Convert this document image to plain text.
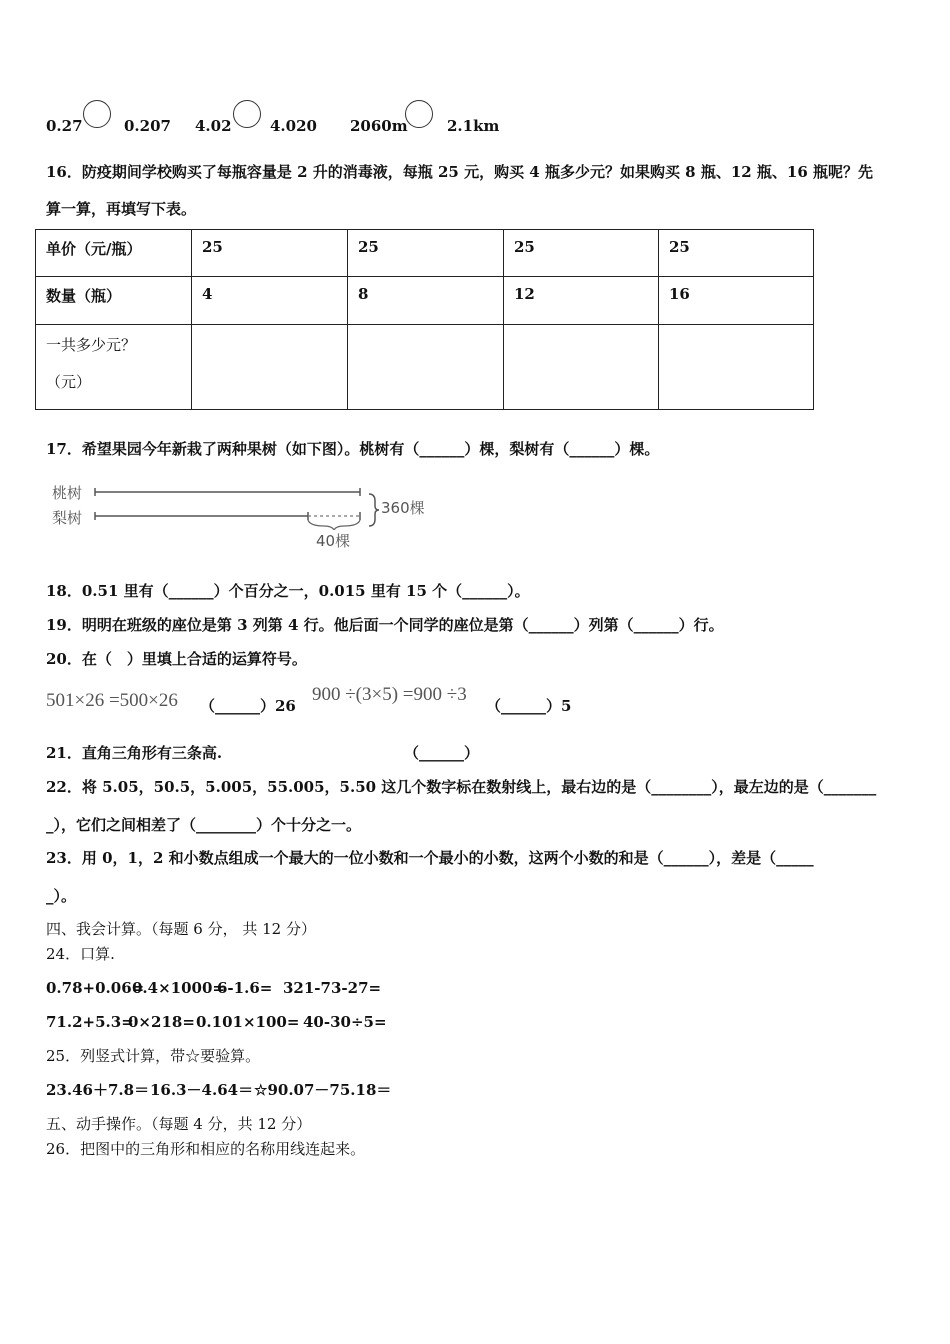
0.27	0.207 4.02	4.020 2060m	2.1km
16．防疫期间学校购买了每瓶容量是 2 升的消毒液，每瓶 25 元，购买 4 瓶多少元？如果购买 8 瓶、12 瓶、16 瓶呢？先
算一算，再填写下表。
单价（元/瓶）	25	25	25	25
数量（瓶）	4	8	12	16

一共多少元？
（元）				

17．希望果园今年新栽了两种果树（如下图）。桃树有（______）棵，梨树有（______）棵。
桃树
梨树
360棵
40棵
18．0.51 里有（______）个百分之一，0.015 里有 15 个（______）。
19．明明在班级的座位是第 3 列第 4 行。他后面一个同学的座位是第（______）列第（______）行。
20．在（　）里填上合适的运算符号。
501×26 =500×26 （______）26
900 ÷(3×5) =900 ÷3
（______）5
21．直角三角形有三条高.	（______）
22．将 5.05，50.5，5.005，55.005，5.50 这几个数字标在数射线上，最右边的是（________），最左边的是（_______
_），它们之间相差了（________）个十分之一。
23．用 0，1，2 和小数点组成一个最大的一位小数和一个最小的小数，这两个小数的和是（______），差是（_____
_）。
四、我会计算。（每题 6 分， 共 12 分）
24．口算.
0.78+0.06=
0.4×1000=
6-1.6= 321-73-27=
71.2+5.3=
0×218= 0.101×100= 40-30÷5=
25．列竖式计算，带☆要验算。
23.46＋7.8＝ 16.3－4.64＝ ☆90.07－75.18＝
五、动手操作。（每题 4 分，共 12 分）
26．把图中的三角形和相应的名称用线连起来。
